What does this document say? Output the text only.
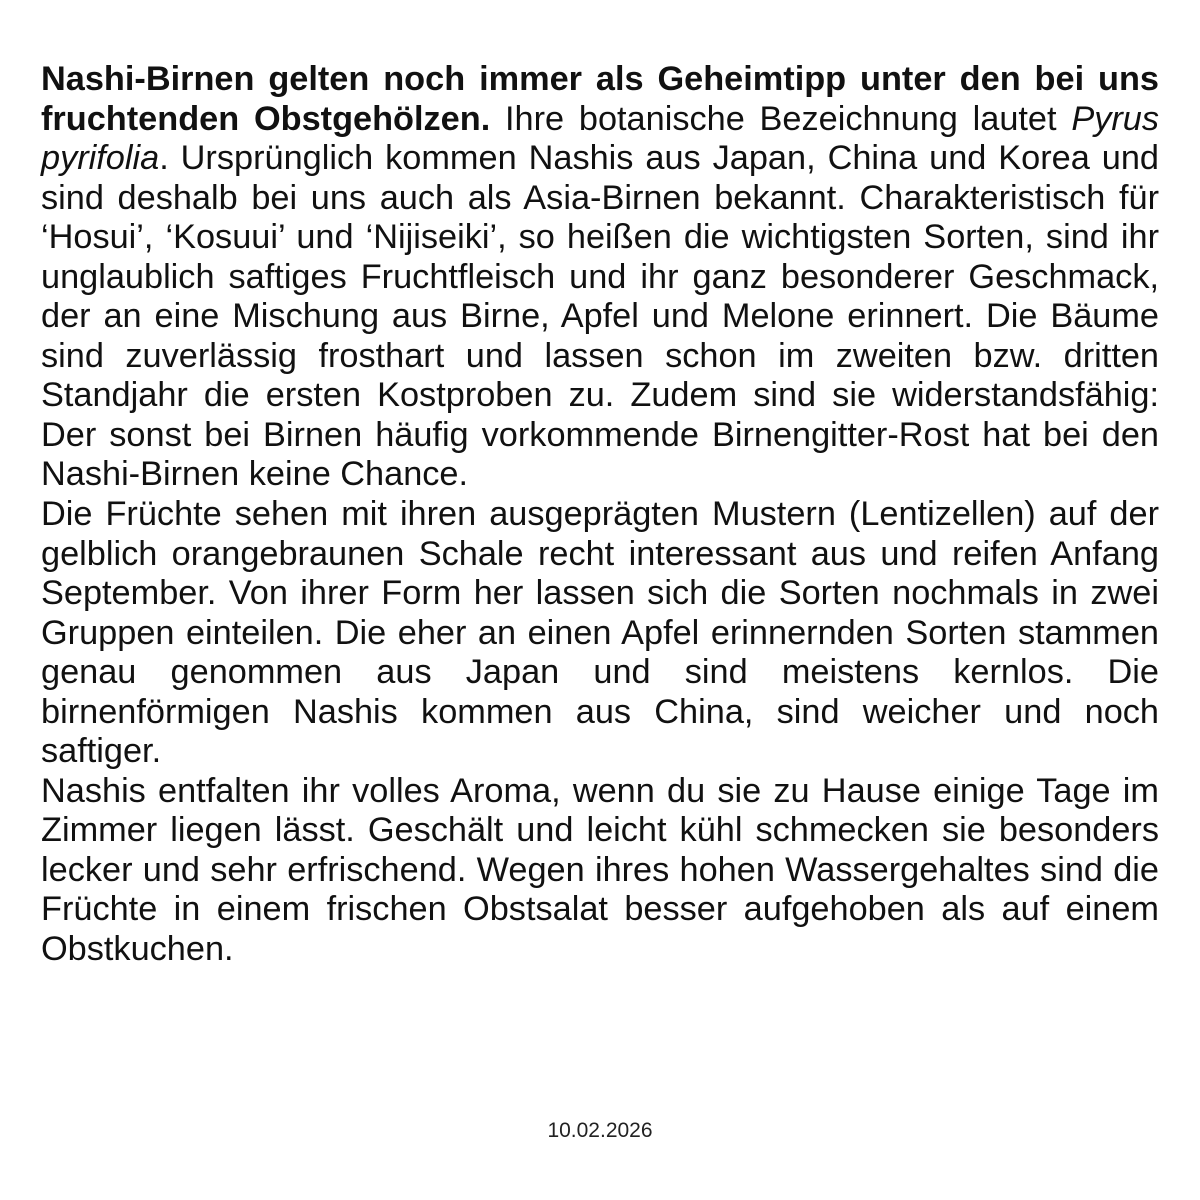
Nashi-Birnen gelten noch immer als Geheimtipp unter den bei uns fruchtenden Obstgehölzen. Ihre botanische Bezeichnung lautet Pyrus pyrifolia. Ursprünglich kommen Nashis aus Japan, China und Korea und sind deshalb bei uns auch als Asia-Birnen bekannt. Charakteristisch für ‘Hosui’, ‘Kosuui’ und ‘Nijiseiki’, so heißen die wichtigsten Sorten, sind ihr unglaublich saftiges Fruchtfleisch und ihr ganz besonderer Geschmack, der an eine Mischung aus Birne, Apfel und Melone erinnert. Die Bäume sind zuverlässig frosthart und lassen schon im zweiten bzw. dritten Standjahr die ersten Kostproben zu. Zudem sind sie widerstandsfähig: Der sonst bei Birnen häufig vorkommende Birnengitter-Rost hat bei den Nashi-Birnen keine Chance.

Die Früchte sehen mit ihren ausgeprägten Mustern (Lentizellen) auf der gelblich orangebraunen Schale recht interessant aus und reifen Anfang September. Von ihrer Form her lassen sich die Sorten nochmals in zwei Gruppen einteilen. Die eher an einen Apfel erinnernden Sorten stammen genau genommen aus Japan und sind meistens kernlos. Die birnenförmigen Nashis kommen aus China, sind weicher und noch saftiger.

Nashis entfalten ihr volles Aroma, wenn du sie zu Hause einige Tage im Zimmer liegen lässt. Geschält und leicht kühl schmecken sie besonders lecker und sehr erfrischend. Wegen ihres hohen Wassergehaltes sind die Früchte in einem frischen Obstsalat besser aufgehoben als auf einem Obstkuchen.

10.02.2026
